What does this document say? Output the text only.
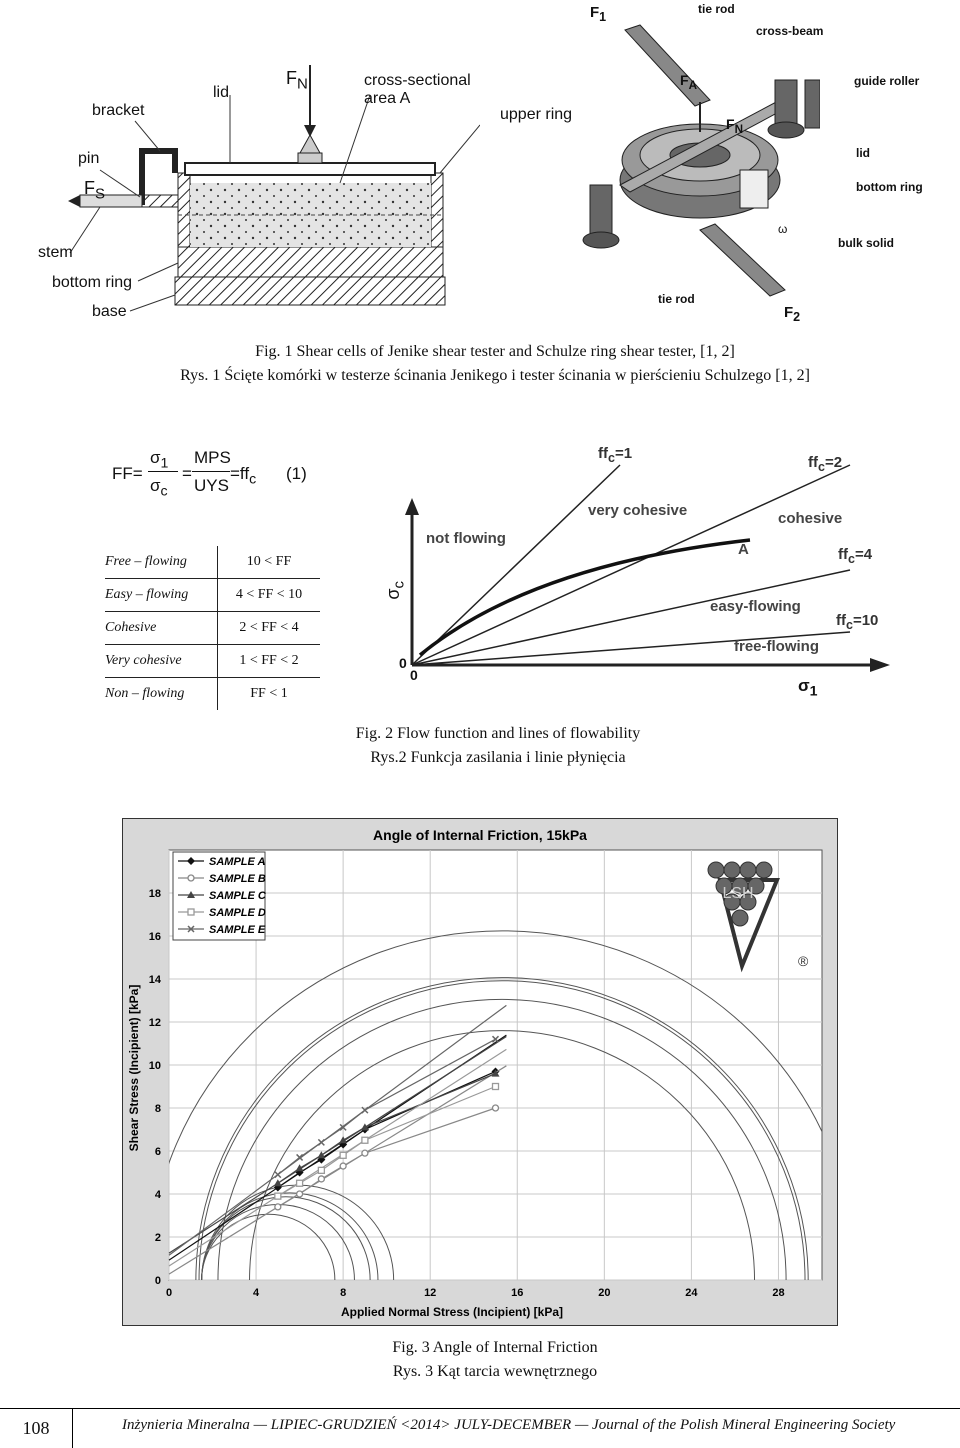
lid
$F_N$	cross-sectional
area A
bracket	upper ring
pin
$F_S$
stem
bottom ring
base
$F_1$
tie rod
cross-beam
$F_A$
$F_N$
guide roller
lid
bottom ring
ω
bulk solid
tie rod
$F_2$
Fig. 1 Shear cells of Jenike shear tester and Schulze ring shear tester, [1, 2]
Rys. 1 Ścięte komórki w testerze ścinania Jenikego i tester ścinania w pierścieniu Schulzego [1, 2]
FF=
$\sigma_1$
$\sigma_c$
=
MPS
UYS
$=ff_c$ (1)
Free – flowing	10 < FF
Easy – flowing	4 < FF < 10
Cohesive	2 < FF < 4
Very cohesive	1 < FF < 2
Non – flowing	FF < 1
$\sigma_c$
0
0
$\sigma_1$
$ff_c=1$
$ff_c=2$
$ff_c=4$
$ff_c=10$
not flowing
very cohesive	cohesive
easy-flowing
free-flowing
A
Fig. 2 Flow function and lines of flowability
Rys.2 Funkcja zasilania i linie płynięcia
Angle of Internal Friction, 15kPa
0	4	8	12	16	20	24	28
0
2
4
6
8
10
12
14
16
18
Applied Normal Stress (Incipient) [kPa]
Shear Stress (Incipient) [kPa]
SAMPLE A
SAMPLE B
SAMPLE C
SAMPLE D
SAMPLE E
LSH
®
Fig. 3 Angle of Internal Friction
Rys. 3 Kąt tarcia wewnętrznego
108	Inżynieria Mineralna — LIPIEC-GRUDZIEŃ <2014> JULY-DECEMBER — Journal of the Polish Mineral Engineering Society
